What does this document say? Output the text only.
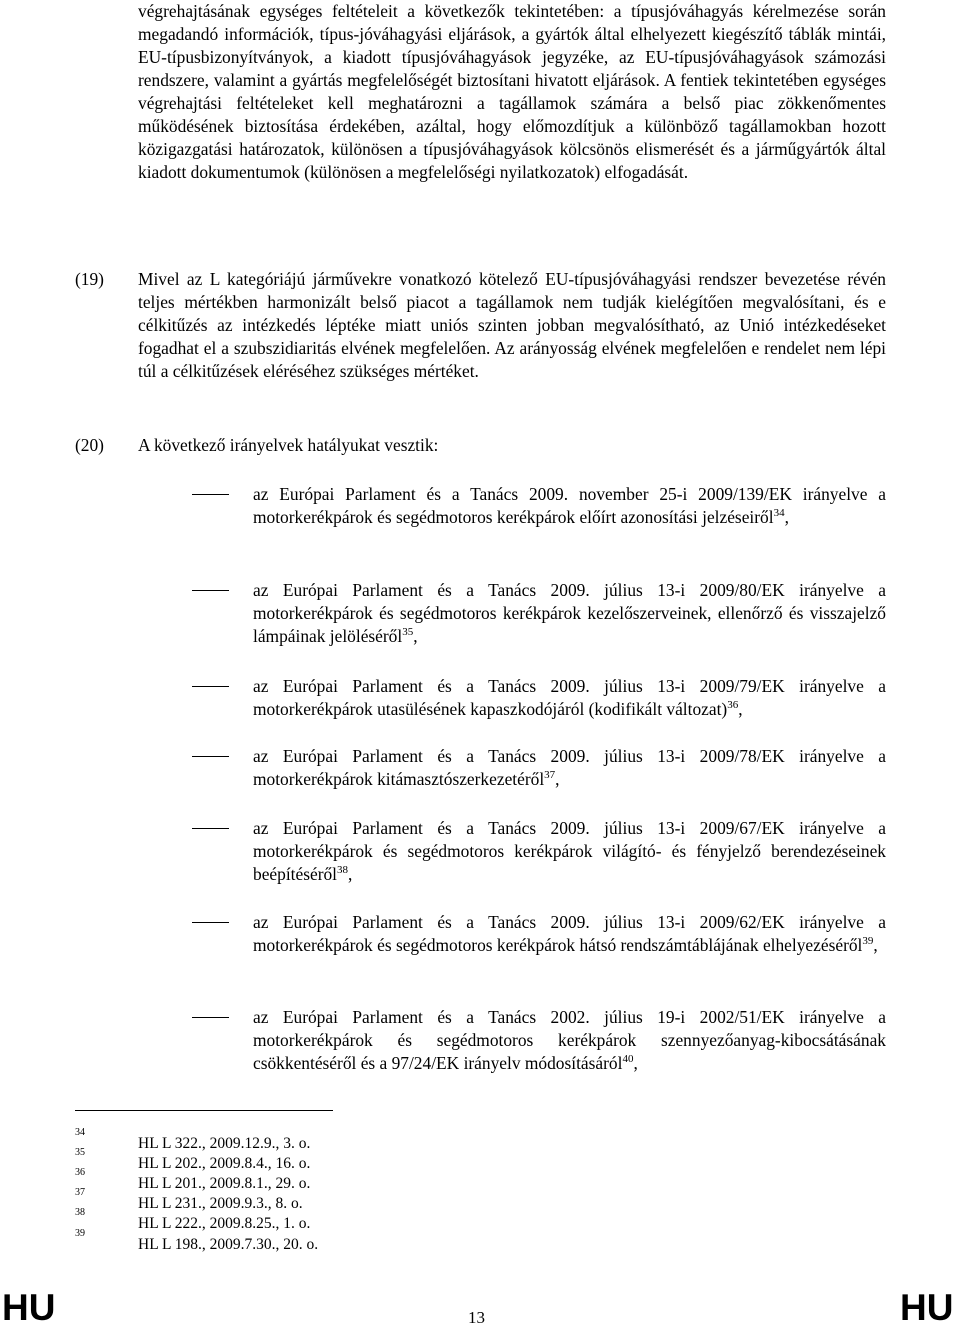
végrehajtásának egységes feltételeit a következők tekintetében: a típusjóváhagyás kérelmezése során megadandó információk, típus-jóváhagyási eljárások, a gyártók által elhelyezett kiegészítő táblák mintái, EU-típusbizonyítványok, a kiadott típusjóváhagyások jegyzéke, az EU-típusjóváhagyások számozási rendszere, valamint a gyártás megfelelőségét biztosítani hivatott eljárások. A fentiek tekintetében egységes végrehajtási feltételeket kell meghatározni a tagállamok számára a belső piac zökkenőmentes működésének biztosítása érdekében, azáltal, hogy előmozdítjuk a különböző tagállamokban hozott közigazgatási határozatok, különösen a típusjóváhagyások kölcsönös elismerését és a járműgyártók által kiadott dokumentumok (különösen a megfelelőségi nyilatkozatok) elfogadását.

(19) Mivel az L kategóriájú járművekre vonatkozó kötelező EU-típusjóváhagyási rendszer bevezetése révén teljes mértékben harmonizált belső piacot a tagállamok nem tudják kielégítően megvalósítani, és e célkitűzés az intézkedés léptéke miatt uniós szinten jobban megvalósítható, az Unió intézkedéseket fogadhat el a szubszidiaritás elvének megfelelően. Az arányosság elvének megfelelően e rendelet nem lépi túl a célkitűzések eléréséhez szükséges mértéket.

(20) A következő irányelvek hatályukat vesztik:

az Európai Parlament és a Tanács 2009. november 25-i 2009/139/EK irányelve a motorkerékpárok és segédmotoros kerékpárok előírt azonosítási jelzéseiről$^{34}$,

az Európai Parlament és a Tanács 2009. július 13-i 2009/80/EK irányelve a motorkerékpárok és segédmotoros kerékpárok kezelőszerveinek, ellenőrző és visszajelző lámpáinak jelöléséről$^{35}$,

az Európai Parlament és a Tanács 2009. július 13-i 2009/79/EK irányelve a motorkerékpárok utasülésének kapaszkodójáról (kodifikált változat)$^{36}$,

az Európai Parlament és a Tanács 2009. július 13-i 2009/78/EK irányelve a motorkerékpárok kitámasztószerkezetéről$^{37}$,

az Európai Parlament és a Tanács 2009. július 13-i 2009/67/EK irányelve a motorkerékpárok és segédmotoros kerékpárok világító- és fényjelző berendezéseinek beépítéséről$^{38}$,

az Európai Parlament és a Tanács 2009. július 13-i 2009/62/EK irányelve a motorkerékpárok és segédmotoros kerékpárok hátsó rendszámtáblájának elhelyezéséről$^{39}$,

az Európai Parlament és a Tanács 2002. július 19-i 2002/51/EK irányelve a motorkerékpárok és segédmotoros kerékpárok szennyezőanyag-kibocsátásának csökkentéséről és a 97/24/EK irányelv módosításáról$^{40}$,

34
HL L 322., 2009.12.9., 3. o.
35
HL L 202., 2009.8.4., 16. o.
36
HL L 201., 2009.8.1., 29. o.
37
HL L 231., 2009.9.3., 8. o.
38
HL L 222., 2009.8.25., 1. o.
39
HL L 198., 2009.7.30., 20. o.
HU	13	HU
